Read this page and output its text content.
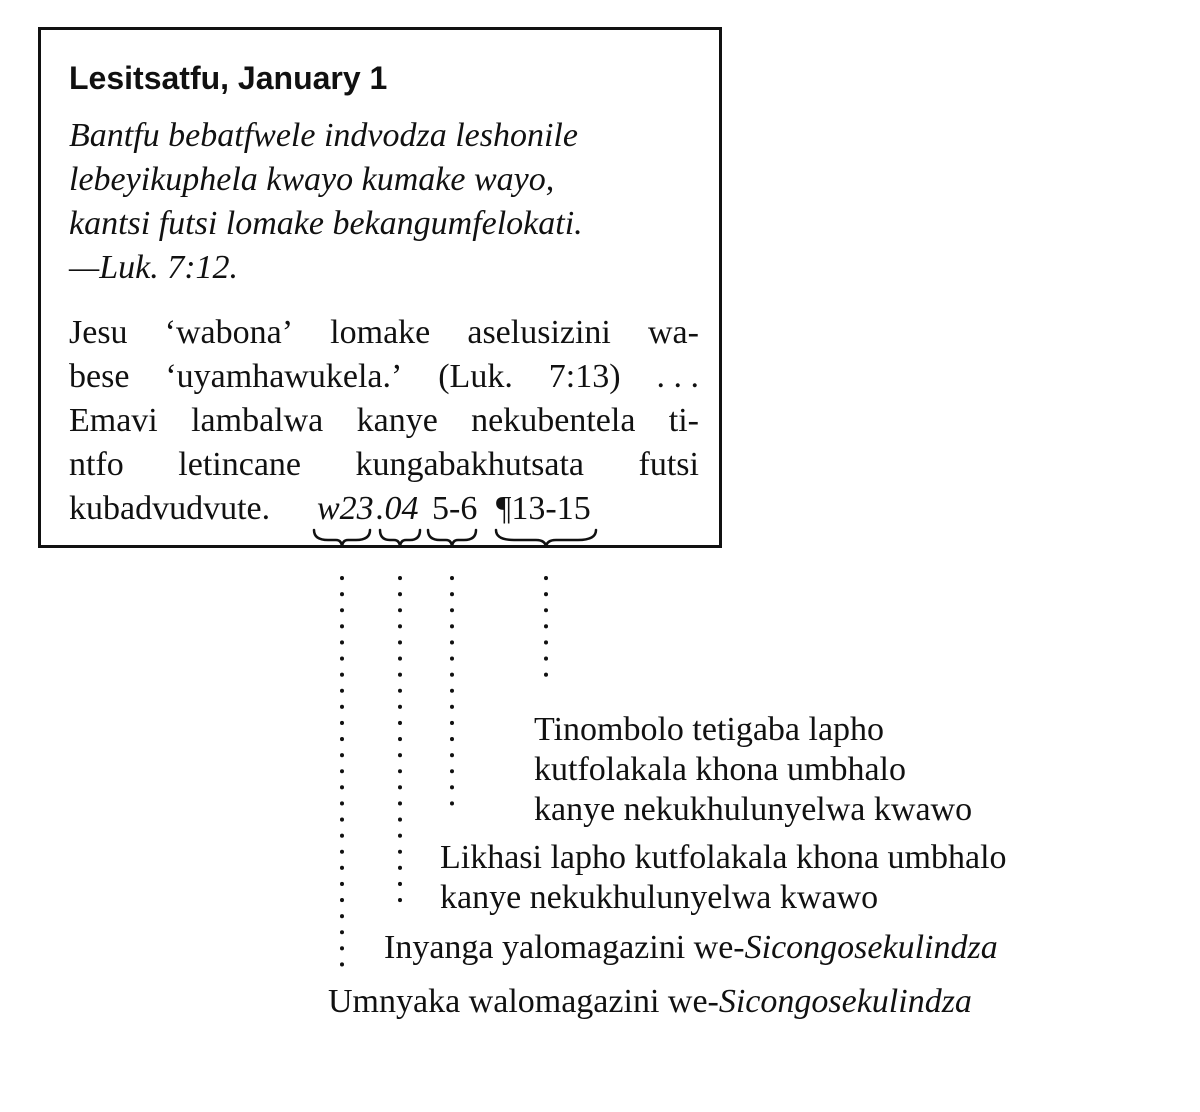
Lesitsatfu, January 1

Bantfu bebatfwele indvodza leshonile
lebeyikuphela kwayo kumake wayo,
kantsi futsi lomake bekangumfelokati.
—Luk. 7:12.

Jesu ‘wabona’ lomake aselusizini wa-

bese ‘uyamhawukela.’ (Luk. 7:13) . . .

Emavi lambalwa kanye nekubentela ti-

ntfo letincane kungabakhutsata futsi

kubadvudvute. w23 .04 5-6 ¶13-15

Tinombolo tetigaba lapho
kutfolakala khona umbhalo
kanye nekukhulunyelwa kwawo

Likhasi lapho kutfolakala khona umbhalo
kanye nekukhulunyelwa kwawo

Inyanga yalomagazini we-Sicongosekulindza

Umnyaka walomagazini we-Sicongosekulindza
